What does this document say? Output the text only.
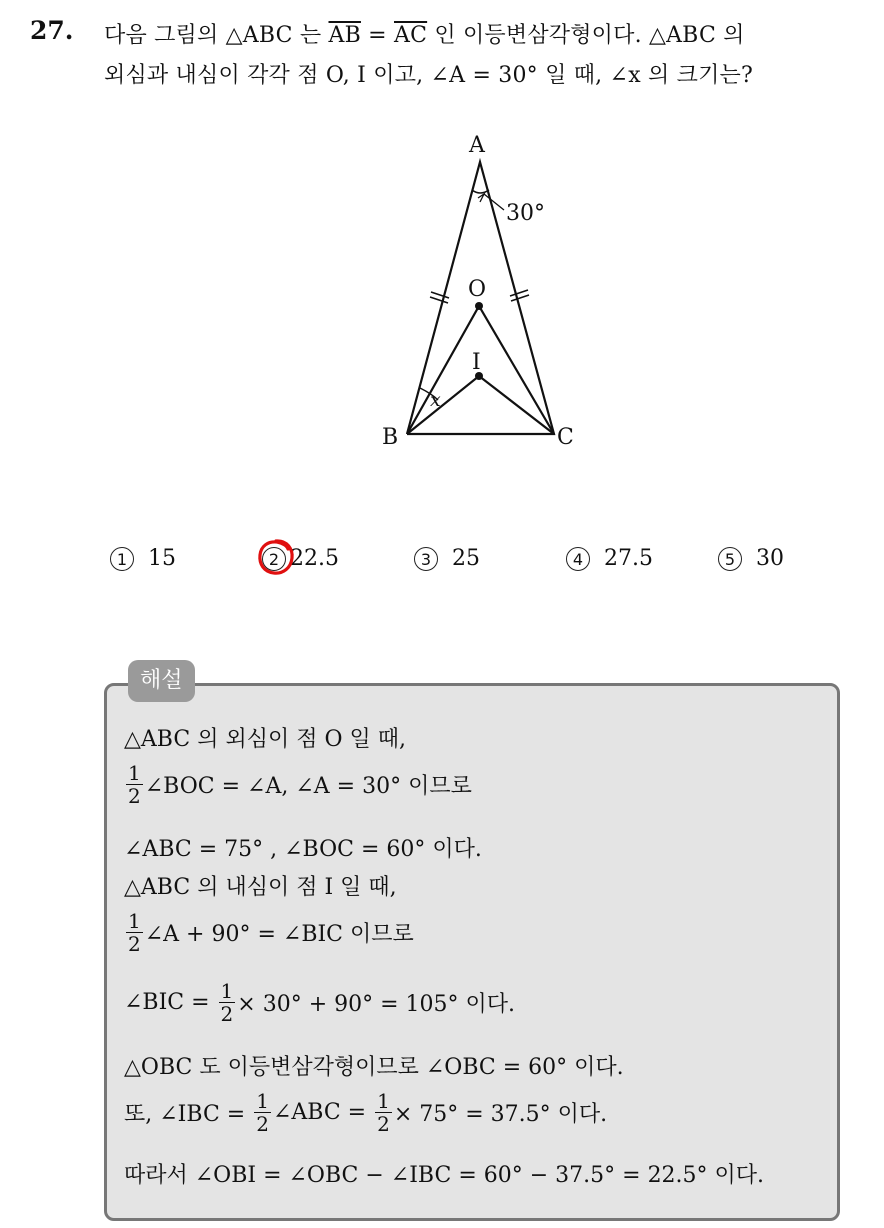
27. 다음 그림의 △ABC 는 $\overline{AB} = \overline{AC}$ 인 이등변삼각형이다. △ABC 의
외심과 내심이 각각 점 O, I 이고, ∠A = 30° 일 때, ∠x 의 크기는?
A
30°
O
I
x
B	C
1 15	2 22.5	3 25	4 27.5	5 30
해설
△ABC 의 외심이 점 O 일 때,
$\frac{1}{2}$ ∠BOC = ∠A, ∠A = 30° 이므로
∠ABC = 75° , ∠BOC = 60° 이다.
△ABC 의 내심이 점 I 일 때,
$\frac{1}{2}$ ∠A + 90° = ∠BIC 이므로
∠BIC = $\frac{1}{2} \times 30^\circ + 90^\circ = 105^\circ$ 이다.
△OBC 도 이등변삼각형이므로 ∠OBC = 60° 이다.
또, ∠IBC = $\frac{1}{2}$ ∠ABC = $\frac{1}{2} \times 75^\circ = 37.5^\circ$ 이다.
따라서 ∠OBI = ∠OBC − ∠IBC = 60° − 37.5° = 22.5° 이다.
